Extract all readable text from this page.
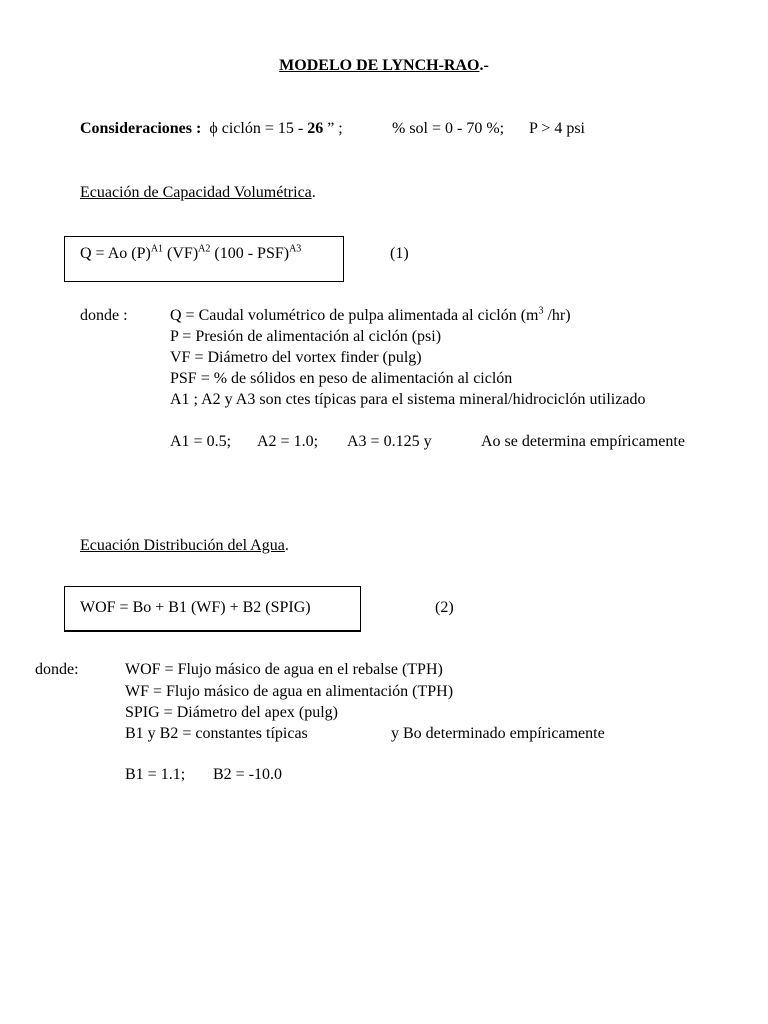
MODELO DE LYNCH-RAO.-
Consideraciones : ϕ ciclón = 15 - 26 ” ;	% sol = 0 - 70 %; P > 4 psi
Ecuación de Capacidad Volumétrica.
Q = Ao $(P)^{A1}$ (VF)$^{A2}$ (100 - PSF)$^{A3}$	(1)
donde :	Q = Caudal volumétrico de pulpa alimentada al ciclón ($m^3$ /hr)
P = Presión de alimentación al ciclón (psi)
VF = Diámetro del vortex finder (pulg)
PSF = % de sólidos en peso de alimentación al ciclón
A1 ; A2 y A3 son ctes típicas para el sistema mineral/hidrociclón utilizado
A1 = 0.5; A2 = 1.0; A3 = 0.125 y	Ao se determina empíricamente
Ecuación Distribución del Agua.
WOF = Bo + B1 (WF) + B2 (SPIG)	(2)
donde:	WOF = Flujo másico de agua en el rebalse (TPH)
WF = Flujo másico de agua en alimentación (TPH)
SPIG = Diámetro del apex (pulg)
B1 y B2 = constantes típicas	y Bo determinado empíricamente
B1 = 1.1; B2 = -10.0
